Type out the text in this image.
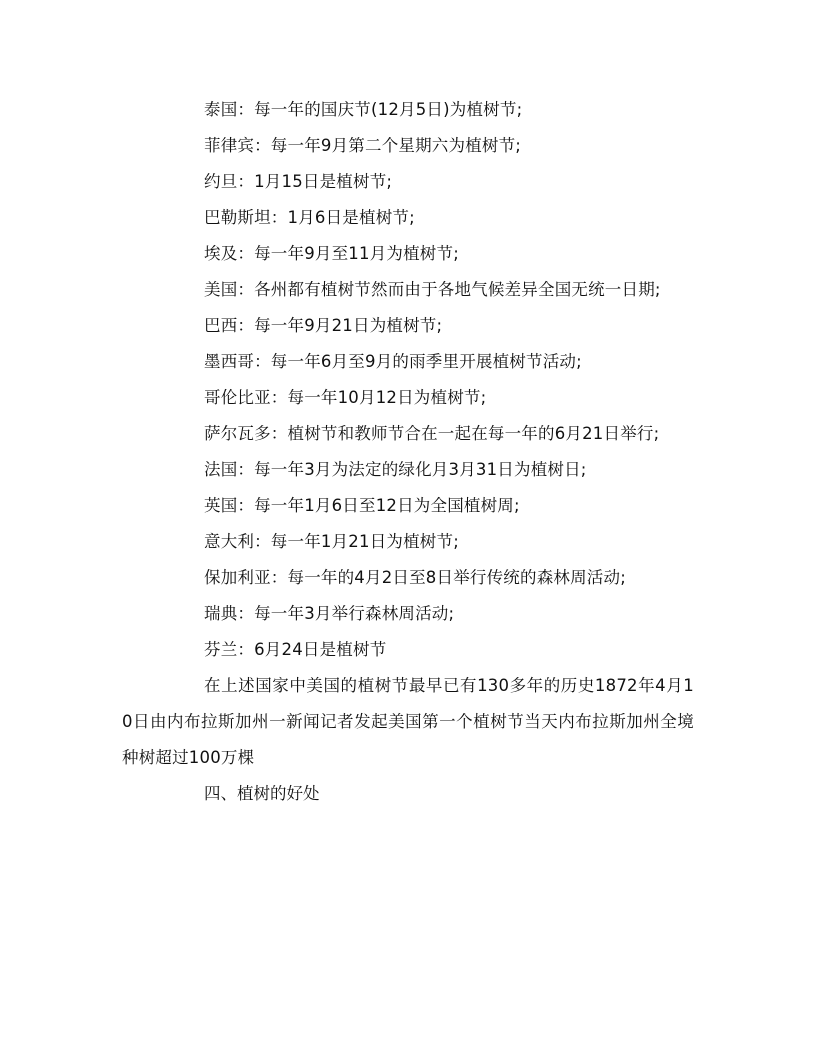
泰国：每一年的国庆节(12月5日)为植树节;

菲律宾：每一年9月第二个星期六为植树节;

约旦：1月15日是植树节;

巴勒斯坦：1月6日是植树节;

埃及：每一年9月至11月为植树节;

美国：各州都有植树节然而由于各地气候差异全国无统一日期;

巴西：每一年9月21日为植树节;

墨西哥：每一年6月至9月的雨季里开展植树节活动;

哥伦比亚：每一年10月12日为植树节;

萨尔瓦多：植树节和教师节合在一起在每一年的6月21日举行;

法国：每一年3月为法定的绿化月3月31日为植树日;

英国：每一年1月6日至12日为全国植树周;

意大利：每一年1月21日为植树节;

保加利亚：每一年的4月2日至8日举行传统的森林周活动;

瑞典：每一年3月举行森林周活动;

芬兰：6月24日是植树节

在上述国家中美国的植树节最早已有130多年的历史1872年4月10日由内布拉斯加州一新闻记者发起美国第一个植树节当天内布拉斯加州全境种树超过100万棵

四、植树的好处
